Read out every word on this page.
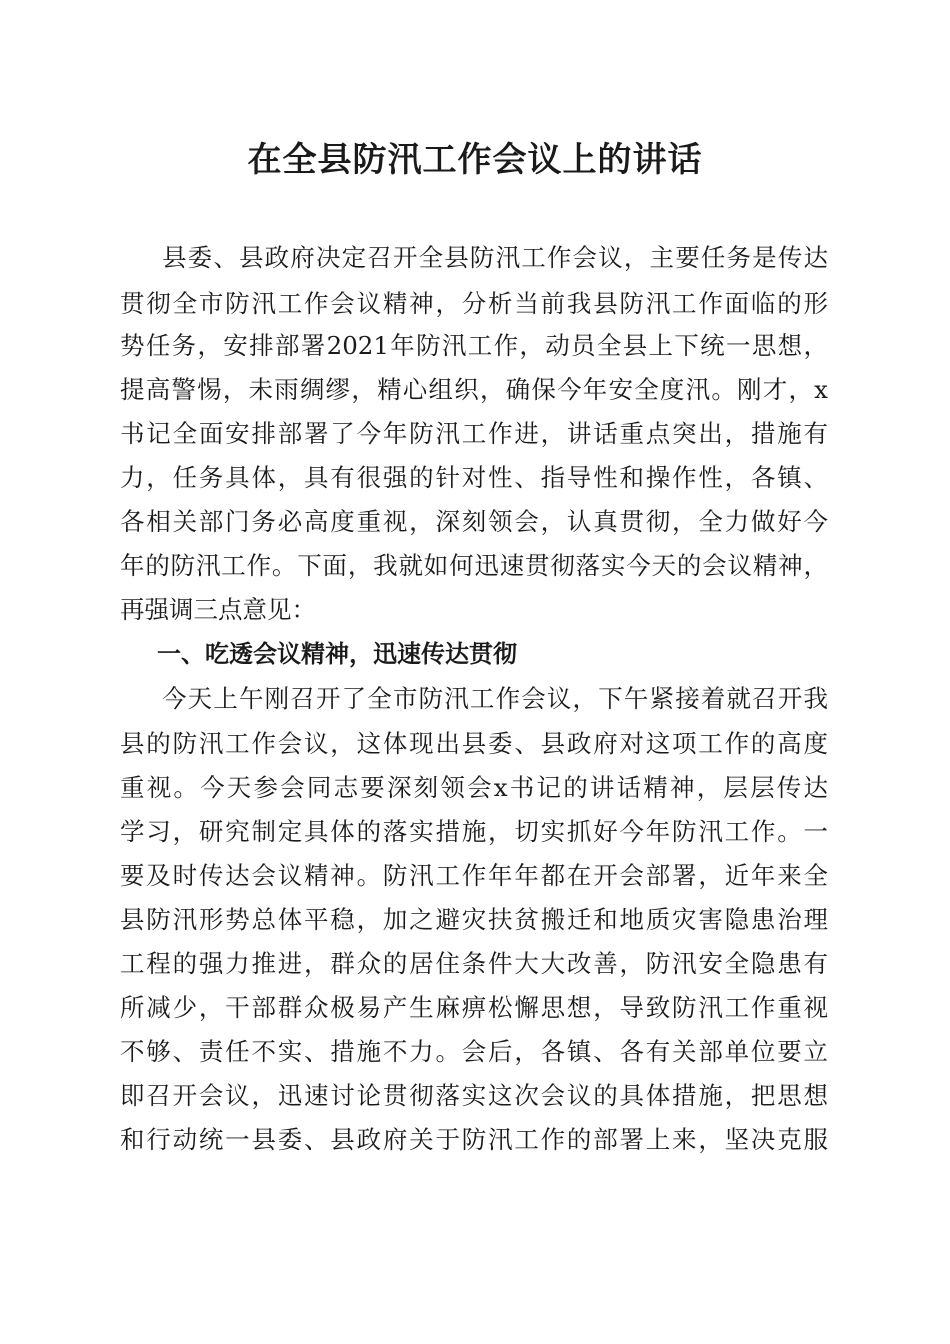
在全县防汛工作会议上的讲话

县委、县政府决定召开全县防汛工作会议，主要任务是传达

贯彻全市防汛工作会议精神，分析当前我县防汛工作面临的形

势任务，安排部署2021年防汛工作，动员全县上下统一思想，

提高警惕，未雨绸缪，精心组织，确保今年安全度汛。刚才，x

书记全面安排部署了今年防汛工作进，讲话重点突出，措施有

力，任务具体，具有很强的针对性、指导性和操作性，各镇、

各相关部门务必高度重视，深刻领会，认真贯彻，全力做好今

年的防汛工作。下面，我就如何迅速贯彻落实今天的会议精神，

再强调三点意见：

一、吃透会议精神，迅速传达贯彻

今天上午刚召开了全市防汛工作会议，下午紧接着就召开我

县的防汛工作会议，这体现出县委、县政府对这项工作的高度

重视。今天参会同志要深刻领会x书记的讲话精神，层层传达

学习，研究制定具体的落实措施，切实抓好今年防汛工作。一

要及时传达会议精神。防汛工作年年都在开会部署，近年来全

县防汛形势总体平稳，加之避灾扶贫搬迁和地质灾害隐患治理

工程的强力推进，群众的居住条件大大改善，防汛安全隐患有

所减少，干部群众极易产生麻痹松懈思想，导致防汛工作重视

不够、责任不实、措施不力。会后，各镇、各有关部单位要立

即召开会议，迅速讨论贯彻落实这次会议的具体措施，把思想

和行动统一县委、县政府关于防汛工作的部署上来，坚决克服
